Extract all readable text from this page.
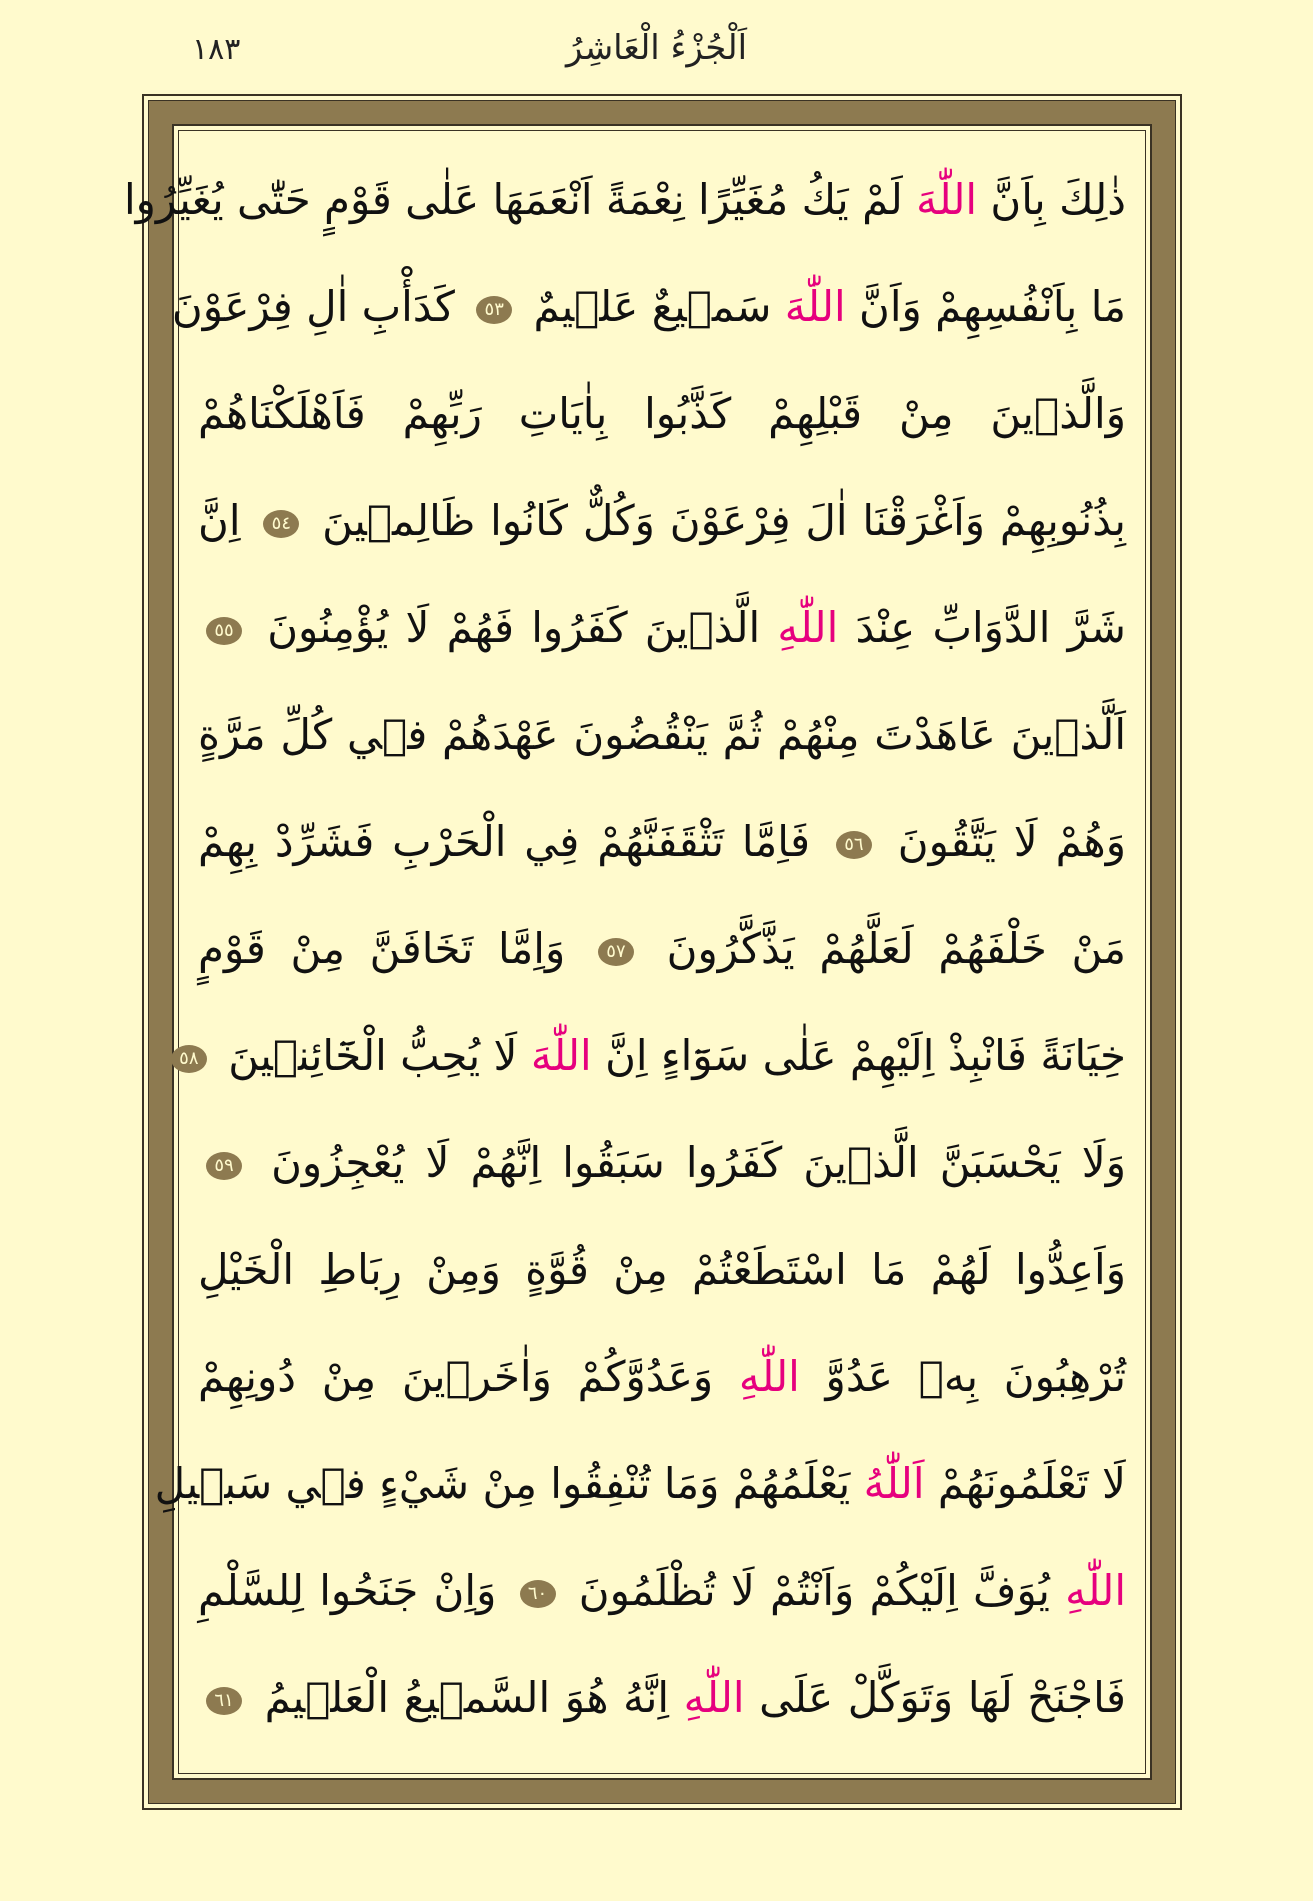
اَلْجُزْءُ الْعَاشِرُ
١٨٣
ذٰلِكَ بِاَنَّ اللّٰهَ لَمْ يَكُ مُغَيِّرًا نِعْمَةً اَنْعَمَهَا عَلٰى قَوْمٍ حَتّٰى يُغَيِّرُوا
مَا بِاَنْفُسِهِمْ وَاَنَّ اللّٰهَ سَم۪يعٌ عَل۪يمٌ ٥٣ كَدَأْبِ اٰلِ فِرْعَوْنَ
وَالَّذ۪ينَ مِنْ قَبْلِهِمْ كَذَّبُوا بِاٰيَاتِ رَبِّهِمْ فَاَهْلَكْنَاهُمْ
بِذُنُوبِهِمْ وَاَغْرَقْنَا اٰلَ فِرْعَوْنَ وَكُلٌّ كَانُوا ظَالِم۪ينَ ٥٤ اِنَّ
شَرَّ الدَّوَابِّ عِنْدَ اللّٰهِ الَّذ۪ينَ كَفَرُوا فَهُمْ لَا يُؤْمِنُونَ ٥٥
اَلَّذ۪ينَ عَاهَدْتَ مِنْهُمْ ثُمَّ يَنْقُضُونَ عَهْدَهُمْ ف۪ي كُلِّ مَرَّةٍ
وَهُمْ لَا يَتَّقُونَ ٥٦ فَاِمَّا تَثْقَفَنَّهُمْ فِي الْحَرْبِ فَشَرِّدْ بِهِمْ
مَنْ خَلْفَهُمْ لَعَلَّهُمْ يَذَّكَّرُونَ ٥٧ وَاِمَّا تَخَافَنَّ مِنْ قَوْمٍ
خِيَانَةً فَانْبِذْ اِلَيْهِمْ عَلٰى سَوَٓاءٍ اِنَّ اللّٰهَ لَا يُحِبُّ الْخَٓائِن۪ينَ ٥٨
وَلَا يَحْسَبَنَّ الَّذ۪ينَ كَفَرُوا سَبَقُوا اِنَّهُمْ لَا يُعْجِزُونَ ٥٩
وَاَعِدُّوا لَهُمْ مَا اسْتَطَعْتُمْ مِنْ قُوَّةٍ وَمِنْ رِبَاطِ الْخَيْلِ
تُرْهِبُونَ بِه۪ عَدُوَّ اللّٰهِ وَعَدُوَّكُمْ وَاٰخَر۪ينَ مِنْ دُونِهِمْ
لَا تَعْلَمُونَهُمْ اَللّٰهُ يَعْلَمُهُمْ وَمَا تُنْفِقُوا مِنْ شَيْءٍ ف۪ي سَب۪يلِ
اللّٰهِ يُوَفَّ اِلَيْكُمْ وَاَنْتُمْ لَا تُظْلَمُونَ ٦٠ وَاِنْ جَنَحُوا لِلسَّلْمِ
فَاجْنَحْ لَهَا وَتَوَكَّلْ عَلَى اللّٰهِ اِنَّهُ هُوَ السَّم۪يعُ الْعَل۪يمُ ٦١
